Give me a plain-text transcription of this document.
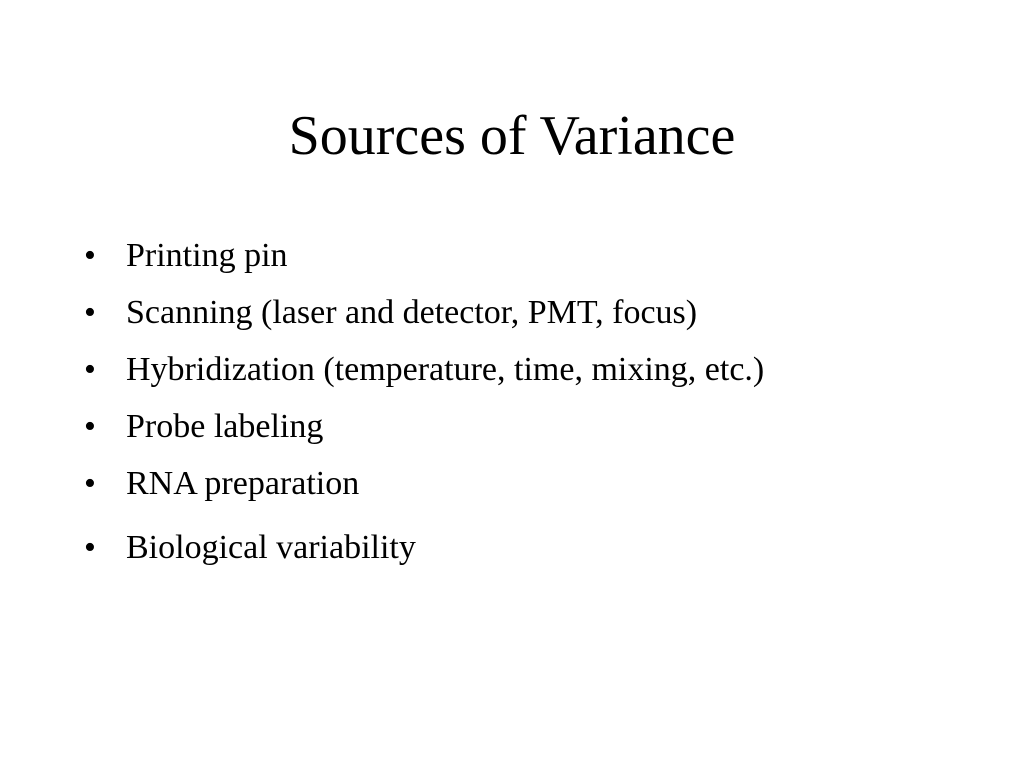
Sources of Variance
• Printing pin
• Scanning (laser and detector, PMT, focus)
• Hybridization (temperature, time, mixing, etc.)
• Probe labeling
• RNA preparation
• Biological variability
